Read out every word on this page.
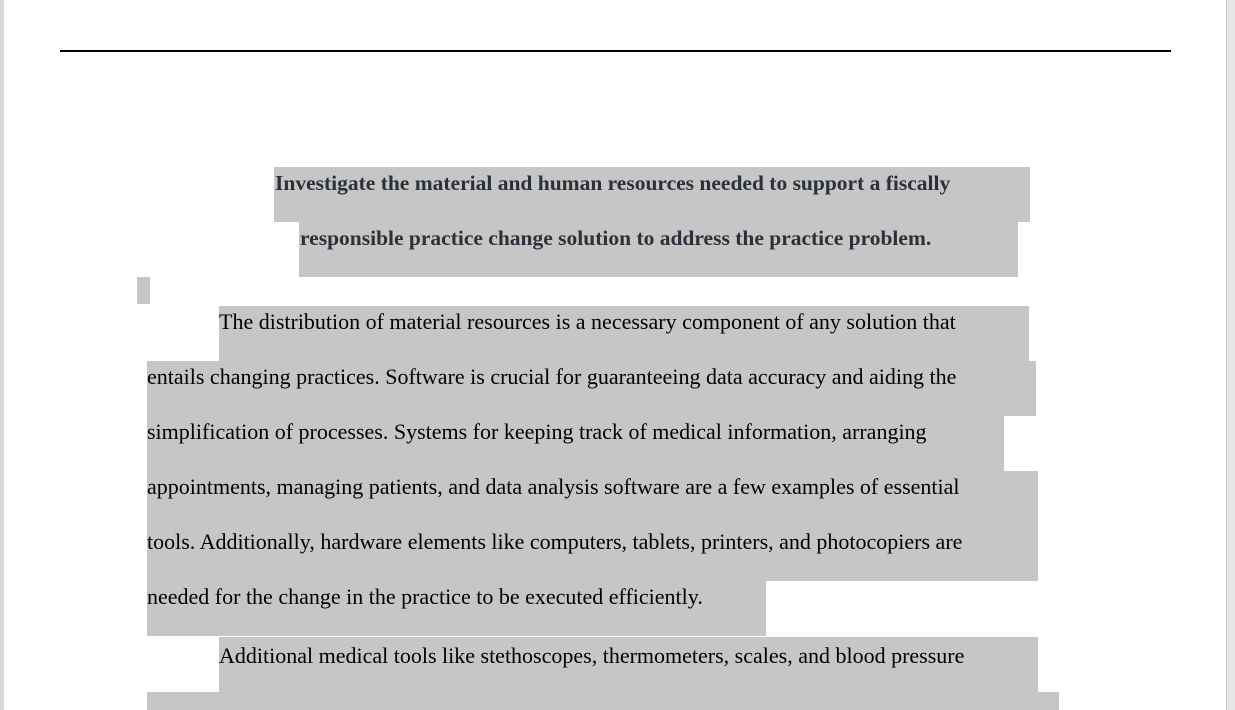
Investigate the material and human resources needed to support a fiscally
responsible practice change solution to address the practice problem.
The distribution of material resources is a necessary component of any solution that
entails changing practices. Software is crucial for guaranteeing data accuracy and aiding the
simplification of processes. Systems for keeping track of medical information, arranging
appointments, managing patients, and data analysis software are a few examples of essential
tools. Additionally, hardware elements like computers, tablets, printers, and photocopiers are
needed for the change in the practice to be executed efficiently.
Additional medical tools like stethoscopes, thermometers, scales, and blood pressure
